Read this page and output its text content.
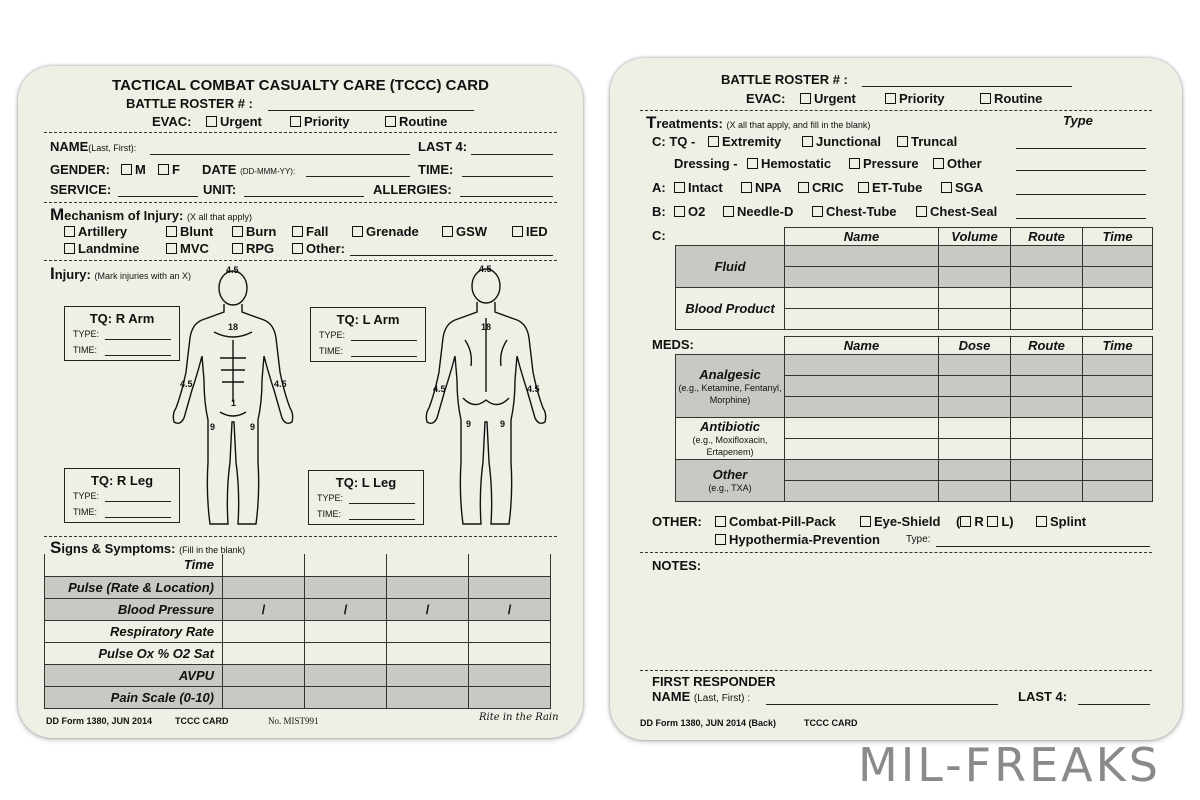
TACTICAL COMBAT CASUALTY CARE (TCCC) CARD
BATTLE ROSTER # :
EVAC:	Urgent	Priority	Routine
NAME(Last, First):	LAST 4:
GENDER:	M	F DATE (DD-MMM-YY):	TIME:
SERVICE:	UNIT:	ALLERGIES:
Mechanism of Injury: (X all that apply)
Artillery	Blunt	Burn	Fall	Grenade	GSW	IED
Landmine	MVC	RPG	Other:
Injury: (Mark injuries with an X)
4.5
18
4.5	4.5
1
9	9
4.5
18
4.5	4.5
9	9
TQ: R Arm
TYPE:
TIME:
TQ: L Arm
TYPE:
TIME:
TQ: R Leg
TYPE:
TIME:
TQ: L Leg
TYPE:
TIME:
Signs & Symptoms: (Fill in the blank)
Time				
Pulse (Rate & Location)				
Blood Pressure	/	/	/	/
Respiratory Rate				
Pulse Ox % O2 Sat				
AVPU				
Pain Scale (0-10)				
DD Form 1380, JUN 2014	TCCC CARD	No. MIST991	Rite in the Rain
BATTLE ROSTER # :
EVAC:	Urgent	Priority	Routine
Treatments: (X all that apply, and fill in the blank)	Type
C: TQ -	Extremity	Junctional	Truncal
Dressing -	Hemostatic	Pressure	Other
A:	Intact	NPA	CRIC	ET-Tube	SGA
B:	O2	Needle-D	Chest-Tube	Chest-Seal
C:
		Name	Volume	Route	Time
Fluid				

Blood Product				

MEDS:
		Name	Dose	Route	Time
Analgesic
(e.g., Ketamine, Fentanyl, Morphine)				

Antibiotic
(e.g., Moxifloxacin, Ertapenem)				

Other
(e.g., TXA)				

OTHER:	Combat-Pill-Pack	Eye-Shield ( R L)	Splint
Hypothermia-Prevention	Type:
NOTES:
FIRST RESPONDER
NAME (Last, First) :	LAST 4:
DD Form 1380, JUN 2014 (Back)	TCCC CARD
MIL-FREAKS
